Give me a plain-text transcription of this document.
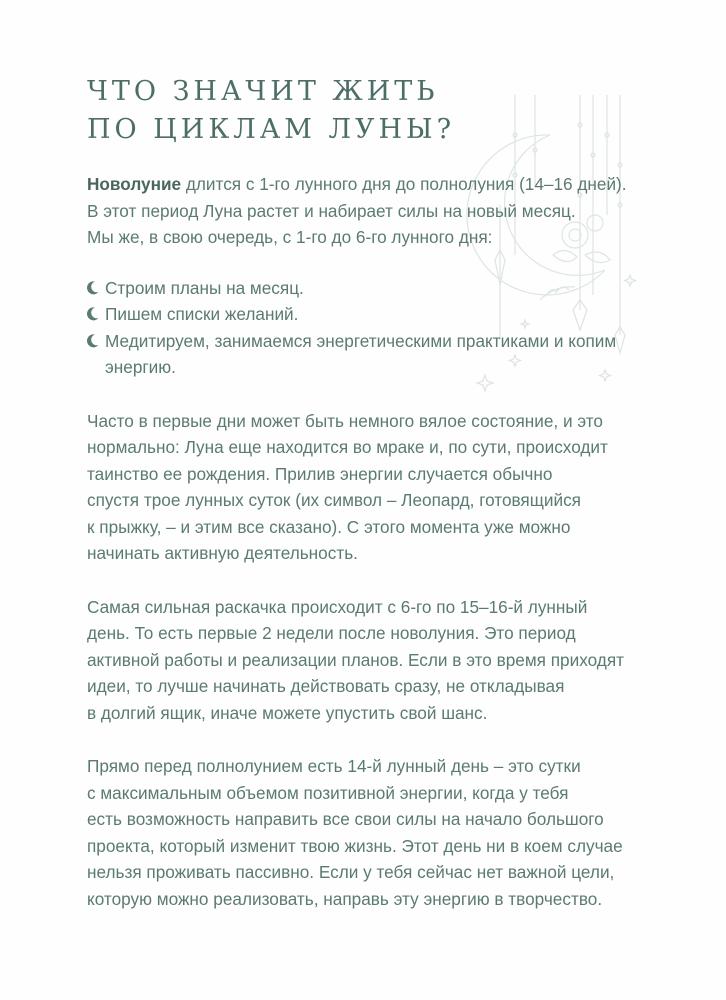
ЧТО ЗНАЧИТ ЖИТЬ
ПО ЦИКЛАМ ЛУНЫ?

Новолуние длится с 1-го лунного дня до полнолуния (14–16 дней).
В этот период Луна растет и набирает силы на новый месяц.
Мы же, в свою очередь, с 1-го до 6-го лунного дня:

Строим планы на месяц.
Пишем списки желаний.
Медитируем, занимаемся энергетическими практиками и копим
энергию.

Часто в первые дни может быть немного вялое состояние, и это
нормально: Луна еще находится во мраке и, по сути, происходит
таинство ее рождения. Прилив энергии случается обычно
спустя трое лунных суток (их символ – Леопард, готовящийся
к прыжку, – и этим все сказано). С этого момента уже можно
начинать активную деятельность.

Самая сильная раскачка происходит с 6-го по 15–16-й лунный
день. То есть первые 2 недели после новолуния. Это период
активной работы и реализации планов. Если в это время приходят
идеи, то лучше начинать действовать сразу, не откладывая
в долгий ящик, иначе можете упустить свой шанс.

Прямо перед полнолунием есть 14-й лунный день – это сутки
с максимальным объемом позитивной энергии, когда у тебя
есть возможность направить все свои силы на начало большого
проекта, который изменит твою жизнь. Этот день ни в коем случае
нельзя проживать пассивно. Если у тебя сейчас нет важной цели,
которую можно реализовать, направь эту энергию в творчество.
